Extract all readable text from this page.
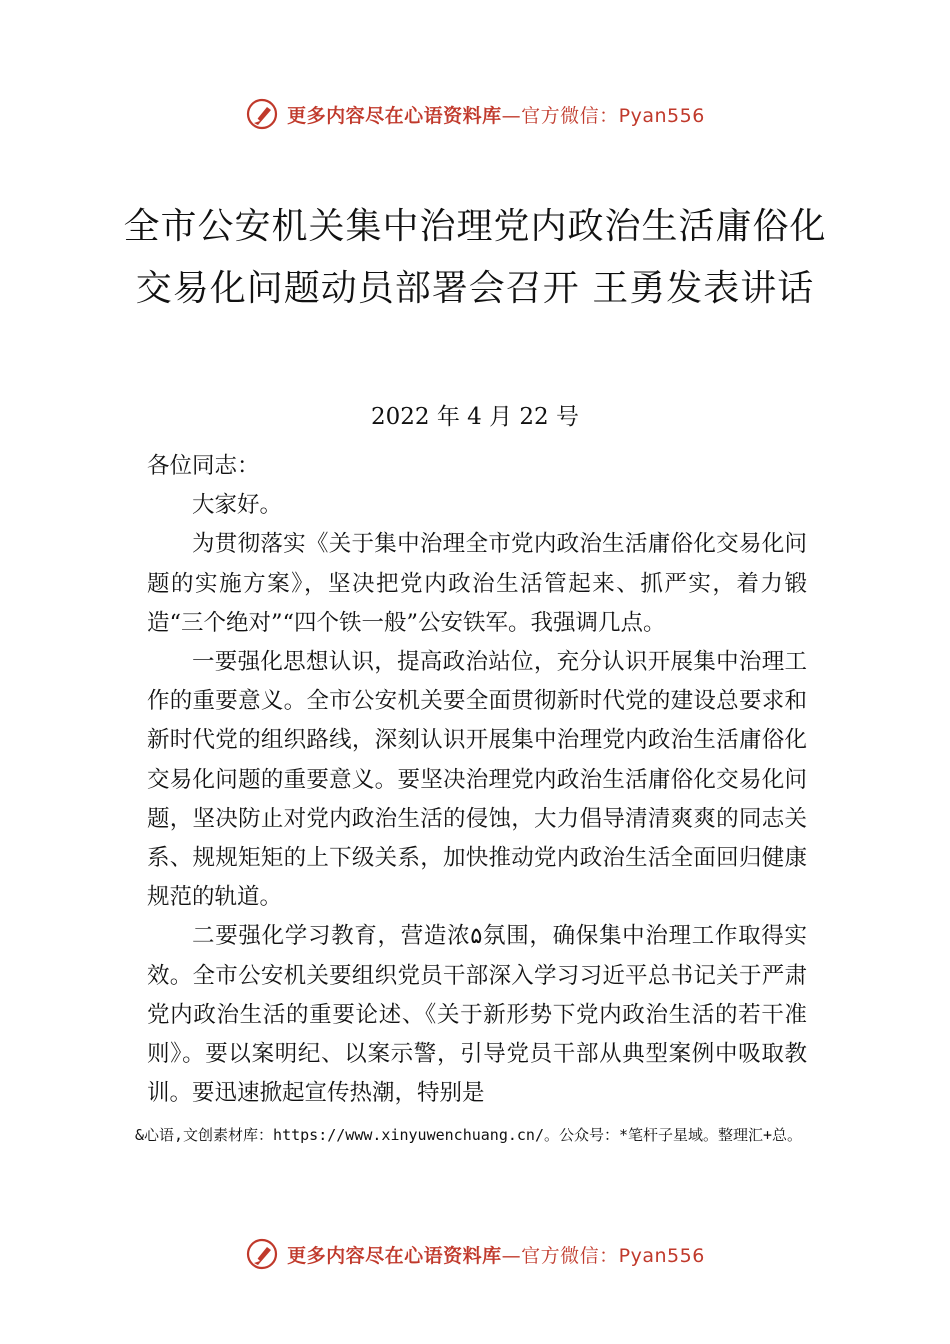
更多内容尽在心语资料库—官方微信：Pyan556
全市公安机关集中治理党内政治生活庸俗化交易化问题动员部署会召开 王勇发表讲话
2022 年 4 月 22 号

各位同志：

大家好。

为贯彻落实《关于集中治理全市党内政治生活庸俗化交易化问题的实施方案》，坚决把党内政治生活管起来、抓严实，着力锻造“三个绝对”“四个铁一般”公安铁军。我强调几点。

一要强化思想认识，提高政治站位，充分认识开展集中治理工作的重要意义。全市公安机关要全面贯彻新时代党的建设总要求和新时代党的组织路线，深刻认识开展集中治理党内政治生活庸俗化交易化问题的重要意义。要坚决治理党内政治生活庸俗化交易化问题，坚决防止对党内政治生活的侵蚀，大力倡导清清爽爽的同志关系、规规矩矩的上下级关系，加快推动党内政治生活全面回归健康规范的轨道。

二要强化学习教育，营造浓۵氛围，确保集中治理工作取得实效。全市公安机关要组织党员干部深入学习习近平总书记关于严肃党内政治生活的重要论述、《关于新形势下党内政治生活的若干准则》。要以案明纪、以案示警，引导党员干部从典型案例中吸取教训。要迅速掀起宣传热潮，特别是

&心语,文创素材库：https://www.xinyuwenchuang.cn/。公众号：*笔杆子星域。整理汇+总。
更多内容尽在心语资料库—官方微信：Pyan556
